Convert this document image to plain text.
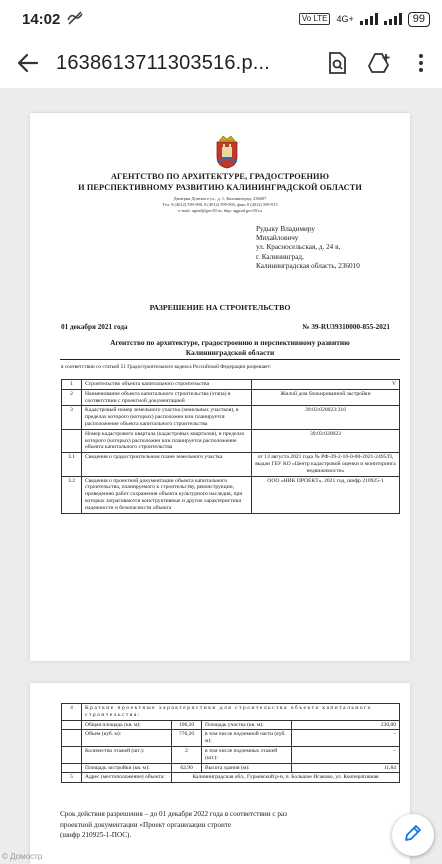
14:02	Vo LTE	4G+	99
1638613711303516.p...
АГЕНТСТВО ПО АРХИТЕКТУРЕ, ГРАДОСТРОЕНИЮ
И ПЕРСПЕКТИВНОМУ РАЗВИТИЮ КАЛИНИНГРАДСКОЙ ОБЛАСТИ
Дмитрия Донского ул., д. 1, Калининград, 236007
Тел. 8 (4012) 599-900, 8 (4012) 599-903, факс 8 (4012) 599-915
e-mail: agrad@gov39.ru; http: aggrad.gov39.ru
Рудыку Владимиру
Михайловичу
ул. Красносельская, д. 24 в,
г. Калининград,
Калининградская область, 236010
РАЗРЕШЕНИЕ НА СТРОИТЕЛЬСТВО
01 декабря 2021 года	№ 39-RU39310000-855-2021
Агентство по архитектуре, градостроению и перспективному развитию
Калининградской области
в соответствии со статьей 51 Градостроительного кодекса Российской Федерации разрешает:
1	Строительство объекта капитального строительства	V
2	Наименование объекта капитального строительства (этапа) в соответствии с проектной документацией	Жилой дом блокированной застройки
3	Кадастровый номер земельного участка (земельных участков), в пределах которого (которых) расположен или планируется расположение объекта капитального строительства	39:03:020023:316
	Номер кадастрового квартала (кадастровых кварталов), в пределах которого (которых) расположен или планируется расположение объекта капитального строительства	39:03:020023
3.1	Сведения о градостроительном плане земельного участка	от 13 августа 2021 года № РФ-39-2-10-0-00-2021-2495/П, выдан ГБУ КО «Центр кадастровой оценки и мониторинга недвижимости»
3.2	Сведения о проектной документации объекта капитального строительства, планируемого к строительству, реконструкции, проведению работ сохранения объекта культурного наследия, при которых затрагиваются конструктивные и другие характеристики надежности и безопасности объекта	ООО «НИК ПРОЕКТ», 2021 год, шифр 210925-1
4	Краткие проектные характеристики для строительства объекта капитального строительства:			
	Общая площадь (кв. м):	106,20	Площадь участка (кв. м):	230,00
	Объем (куб. м):	776,20	в том числе подземной части (куб. м):	–
	Количество этажей (шт.):	2	в том числе подземных этажей (шт.):	–
	Площадь застройки (кв. м):	62,90	Высота здания (м):	11,84
5	Адрес (местоположение) объекта:	Калининградская обл., Гурьевский р-н, п. Большое Исаково, ул. Кооперативная		
Срок действия разрешения – до 01 декабря 2022 года в соответствии с раз
проектной документации «Проект организации строите
(шифр 210925-1-ПОС).
© Домостр
